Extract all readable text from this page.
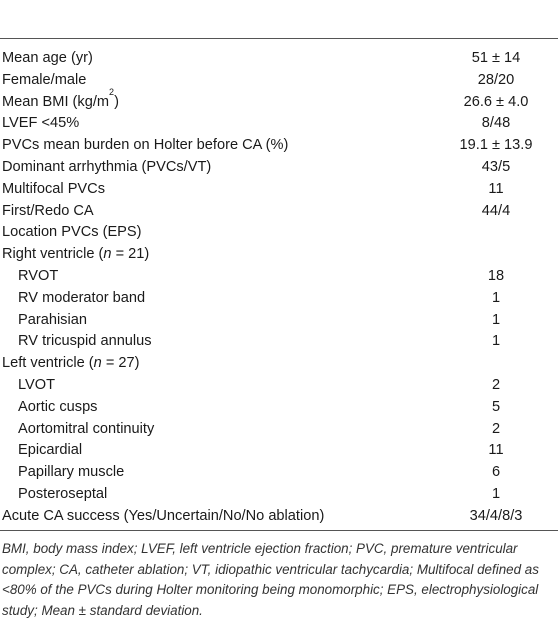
Mean age (yr)	51 ± 14
Female/male	28/20
Mean BMI $(kg/m^2)$	26.6 ± 4.0
LVEF <45%	8/48
PVCs mean burden on Holter before CA (%)	19.1 ± 13.9
Dominant arrhythmia (PVCs/VT)	43/5
Multifocal PVCs	11
First/Redo CA	44/4
Location PVCs (EPS)
Right ventricle (n = 21)
RVOT	18
RV moderator band	1
Parahisian	1
RV tricuspid annulus	1
Left ventricle (n = 27)
LVOT	2
Aortic cusps	5
Aortomitral continuity	2
Epicardial	11
Papillary muscle	6
Posteroseptal	1
Acute CA success (Yes/Uncertain/No/No ablation)	34/4/8/3
BMI, body mass index; LVEF, left ventricle ejection fraction; PVC, premature ventricular complex; CA, catheter ablation; VT, idiopathic ventricular tachycardia; Multifocal defined as <80% of the PVCs during Holter monitoring being monomorphic; EPS, electrophysiological study; Mean ± standard deviation.
